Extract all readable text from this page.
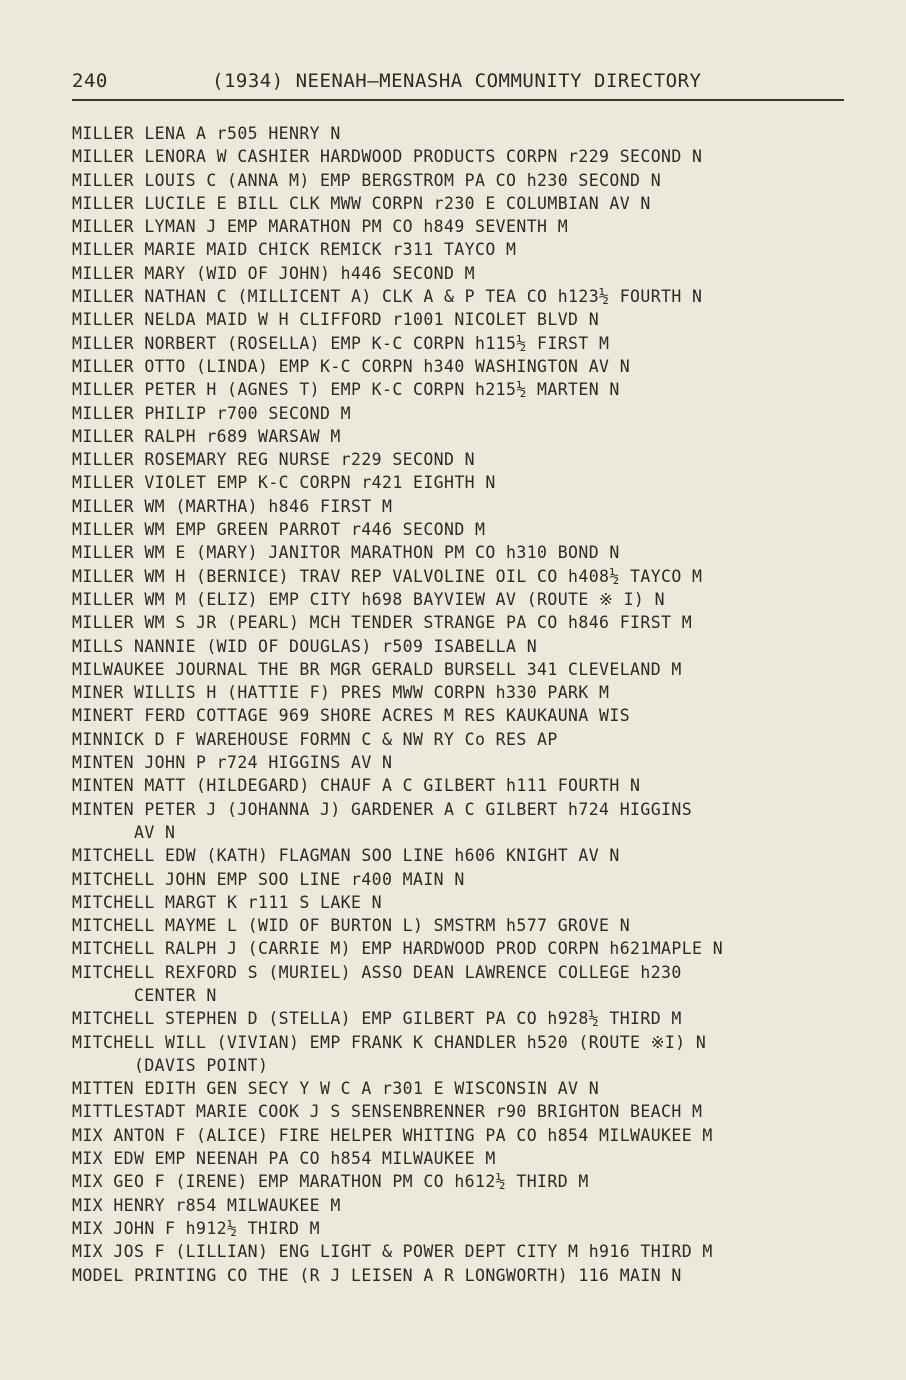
240	(1934) NEENAH—MENASHA COMMUNITY DIRECTORY
MILLER LENA A r505 HENRY N
MILLER LENORA W CASHIER HARDWOOD PRODUCTS CORPN r229 SECOND N
MILLER LOUIS C (ANNA M) EMP BERGSTROM PA CO h230 SECOND N
MILLER LUCILE E BILL CLK MWW CORPN r230 E COLUMBIAN AV N
MILLER LYMAN J EMP MARATHON PM CO h849 SEVENTH M
MILLER MARIE MAID CHICK REMICK r311 TAYCO M
MILLER MARY (WID OF JOHN) h446 SECOND M
MILLER NATHAN C (MILLICENT A) CLK A & P TEA CO h123½ FOURTH N
MILLER NELDA MAID W H CLIFFORD r1001 NICOLET BLVD N
MILLER NORBERT (ROSELLA) EMP K-C CORPN h115½ FIRST M
MILLER OTTO (LINDA) EMP K-C CORPN h340 WASHINGTON AV N
MILLER PETER H (AGNES T) EMP K-C CORPN h215½ MARTEN N
MILLER PHILIP r700 SECOND M
MILLER RALPH r689 WARSAW M
MILLER ROSEMARY REG NURSE r229 SECOND N
MILLER VIOLET EMP K-C CORPN r421 EIGHTH N
MILLER WM (MARTHA) h846 FIRST M
MILLER WM EMP GREEN PARROT r446 SECOND M
MILLER WM E (MARY) JANITOR MARATHON PM CO h310 BOND N
MILLER WM H (BERNICE) TRAV REP VALVOLINE OIL CO h408½ TAYCO M
MILLER WM M (ELIZ) EMP CITY h698 BAYVIEW AV (ROUTE ※ I) N
MILLER WM S JR (PEARL) MCH TENDER STRANGE PA CO h846 FIRST M
MILLS NANNIE (WID OF DOUGLAS) r509 ISABELLA N
MILWAUKEE JOURNAL THE BR MGR GERALD BURSELL 341 CLEVELAND M
MINER WILLIS H (HATTIE F) PRES MWW CORPN h330 PARK M
MINERT FERD COTTAGE 969 SHORE ACRES M RES KAUKAUNA WIS
MINNICK D F WAREHOUSE FORMN C & NW RY Co RES AP
MINTEN JOHN P r724 HIGGINS AV N
MINTEN MATT (HILDEGARD) CHAUF A C GILBERT h111 FOURTH N
MINTEN PETER J (JOHANNA J) GARDENER A C GILBERT h724 HIGGINS
AV N
MITCHELL EDW (KATH) FLAGMAN SOO LINE h606 KNIGHT AV N
MITCHELL JOHN EMP SOO LINE r400 MAIN N
MITCHELL MARGT K r111 S LAKE N
MITCHELL MAYME L (WID OF BURTON L) SMSTRM h577 GROVE N
MITCHELL RALPH J (CARRIE M) EMP HARDWOOD PROD CORPN h621MAPLE N
MITCHELL REXFORD S (MURIEL) ASSO DEAN LAWRENCE COLLEGE h230
CENTER N
MITCHELL STEPHEN D (STELLA) EMP GILBERT PA CO h928½ THIRD M
MITCHELL WILL (VIVIAN) EMP FRANK K CHANDLER h520 (ROUTE ※I) N
(DAVIS POINT)
MITTEN EDITH GEN SECY Y W C A r301 E WISCONSIN AV N
MITTLESTADT MARIE COOK J S SENSENBRENNER r90 BRIGHTON BEACH M
MIX ANTON F (ALICE) FIRE HELPER WHITING PA CO h854 MILWAUKEE M
MIX EDW EMP NEENAH PA CO h854 MILWAUKEE M
MIX GEO F (IRENE) EMP MARATHON PM CO h612½ THIRD M
MIX HENRY r854 MILWAUKEE M
MIX JOHN F h912½ THIRD M
MIX JOS F (LILLIAN) ENG LIGHT & POWER DEPT CITY M h916 THIRD M
MODEL PRINTING CO THE (R J LEISEN A R LONGWORTH) 116 MAIN N
